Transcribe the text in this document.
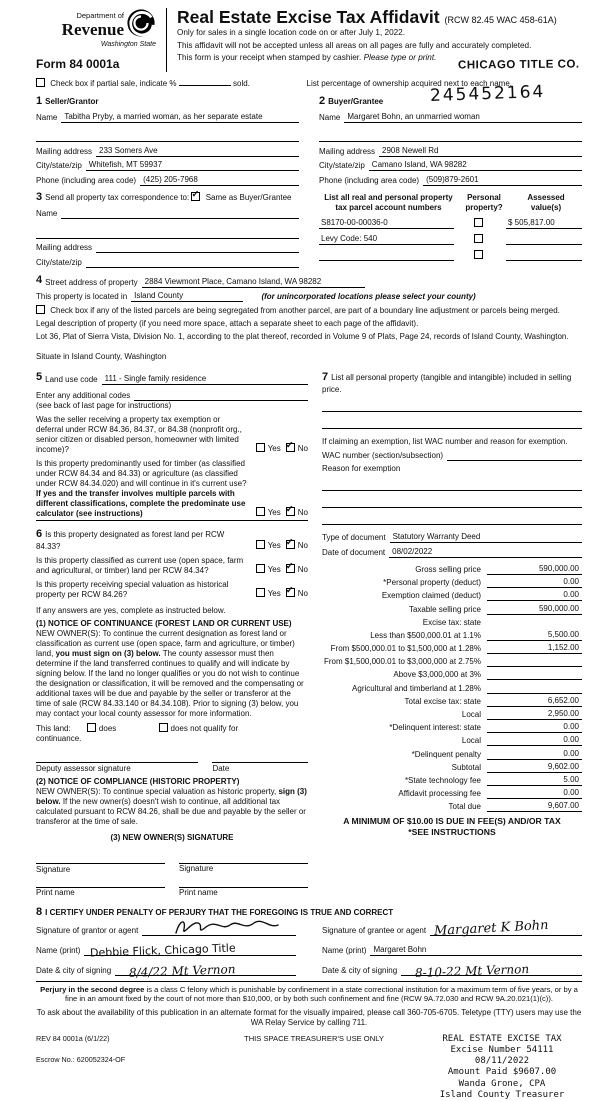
Department of
Revenue
Washington State
Form 84 0001a
Real Estate Excise Tax Affidavit (RCW 82.45 WAC 458-61A)
Only for sales in a single location code on or after July 1, 2022.
This affidavit will not be accepted unless all areas on all pages are fully and accurately completed.
This form is your receipt when stamped by cashier. Please type or print.
CHICAGO TITLE CO.
245452164
Check box if partial sale, indicate %	sold.	List percentage of ownership acquired next to each name.
1 Seller/Grantor
Name Tabitha Pryby, a married woman, as her separate estate
Mailing address 233 Somers Ave
City/state/zip Whitefish, MT 59937
Phone (including area code) (425) 205-7968
2 Buyer/Grantee
Name Margaret Bohn, an unmarried woman
Mailing address 2908 Newell Rd
City/state/zip Camano Island, WA 98282
Phone (including area code) (509)879-2601
3 Send all property tax correspondence to: ✓ Same as Buyer/Grantee
Name
Mailing address
City/state/zip
List all real and personal property tax parcel account numbers
Personal
property?
Assessed
value(s)
S8170-00-00036-0	$ 505,817.00
Levy Code: 540
4 Street address of property 2884 Viewmont Place, Camano Island, WA 98282
This property is located in Island County	(for unincorporated locations please select your county)
Check box if any of the listed parcels are being segregated from another parcel, are part of a boundary line adjustment or parcels being merged.
Legal description of property (if you need more space, attach a separate sheet to each page of the affidavit).
Lot 36, Plat of Sierra Vista, Division No. 1, according to the plat thereof, recorded in Volume 9 of Plats, Page 24, records of Island County, Washington.
Situate in Island County, Washington
5 Land use code 111 - Single family residence
Enter any additional codes
(see back of last page for instructions)
Was the seller receiving a property tax exemption or deferral under RCW 84.36, 84.37, or 84.38 (nonprofit org., senior citizen or disabled person, homeowner with limited income)?	Yes ✓ No
Is this property predominantly used for timber (as classified under RCW 84.34 and 84.33) or agriculture (as classified under RCW 84.34.020) and will continue in it's current use? If yes and the transfer involves multiple parcels with different classifications, complete the predominate use calculator (see instructions)	Yes ✓ No
6 Is this property designated as forest land per RCW 84.33?	Yes ✓ No
Is this property classified as current use (open space, farm and agricultural, or timber) land per RCW 84.34?	Yes ✓ No
Is this property receiving special valuation as historical property per RCW 84.26?	Yes ✓ No
If any answers are yes, complete as instructed below.
(1) NOTICE OF CONTINUANCE (FOREST LAND OR CURRENT USE)
NEW OWNER(S): To continue the current designation as forest land or classification as current use (open space, farm and agriculture, or timber) land, you must sign on (3) below. The county assessor must then determine if the land transferred continues to qualify and will indicate by signing below. If the land no longer qualifies or you do not wish to continue the designation or classification, it will be removed and the compensating or additional taxes will be due and payable by the seller or transferor at the time of sale (RCW 84.33.140 or 84.34.108). Prior to signing (3) below, you may contact your local county assessor for more information.
This land:	does	does not qualify for
continuance.
Deputy assessor signature	Date
(2) NOTICE OF COMPLIANCE (HISTORIC PROPERTY)
NEW OWNER(S): To continue special valuation as historic property, sign (3) below. If the new owner(s) doesn't wish to continue, all additional tax calculated pursuant to RCW 84.26, shall be due and payable by the seller or transferor at the time of sale.
(3) NEW OWNER(S) SIGNATURE
Signature	Signature
Print name	Print name
7 List all personal property (tangible and intangible) included in selling price.
If claiming an exemption, list WAC number and reason for exemption.
WAC number (section/subsection)
Reason for exemption
Type of document Statutory Warranty Deed
Date of document 08/02/2022
Gross selling price	590,000.00
*Personal property (deduct)	0.00
Exemption claimed (deduct)	0.00
Taxable selling price	590,000.00
Excise tax: state
Less than $500,000.01 at 1.1%	5,500.00
From $500,000.01 to $1,500,000 at 1.28%	1,152.00
From $1,500,000.01 to $3,000,000 at 2.75%
Above $3,000,000 at 3%
Agricultural and timberland at 1.28%
Total excise tax: state	6,652.00
Local	2,950.00
*Delinquent interest: state	0.00
Local	0.00
*Delinquent penalty	0.00
Subtotal	9,602.00
*State technology fee	5.00
Affidavit processing fee	0.00
Total due	9,607.00
A MINIMUM OF $10.00 IS DUE IN FEE(S) AND/OR TAX
*SEE INSTRUCTIONS
8 I CERTIFY UNDER PENALTY OF PERJURY THAT THE FOREGOING IS TRUE AND CORRECT
Signature of grantor or agent
Name (print) Debbie Flick, Chicago Title
Date & city of signing	8/4/22 Mt Vernon
Signature of grantee or agent Margaret K Bohn
Name (print) Margaret Bohn
Date & city of signing	8-10-22 Mt Vernon
Perjury in the second degree is a class C felony which is punishable by confinement in a state correctional institution for a maximum term of five years, or by a fine in an amount fixed by the court of not more than $10,000, or by both such confinement and fine (RCW 9A.72.030 and RCW 9A.20.021(1)(c)).
To ask about the availability of this publication in an alternate format for the visually impaired, please call 360-705-6705. Teletype (TTY) users may use the WA Relay Service by calling 711.
REV 84 0001a (6/1/22)
Escrow No.: 620052324-OF
THIS SPACE TREASURER'S USE ONLY	REAL ESTATE EXCISE TAX
Excise Number 54111
08/11/2022
Amount Paid $9607.00
Wanda Grone, CPA
Island County Treasurer
